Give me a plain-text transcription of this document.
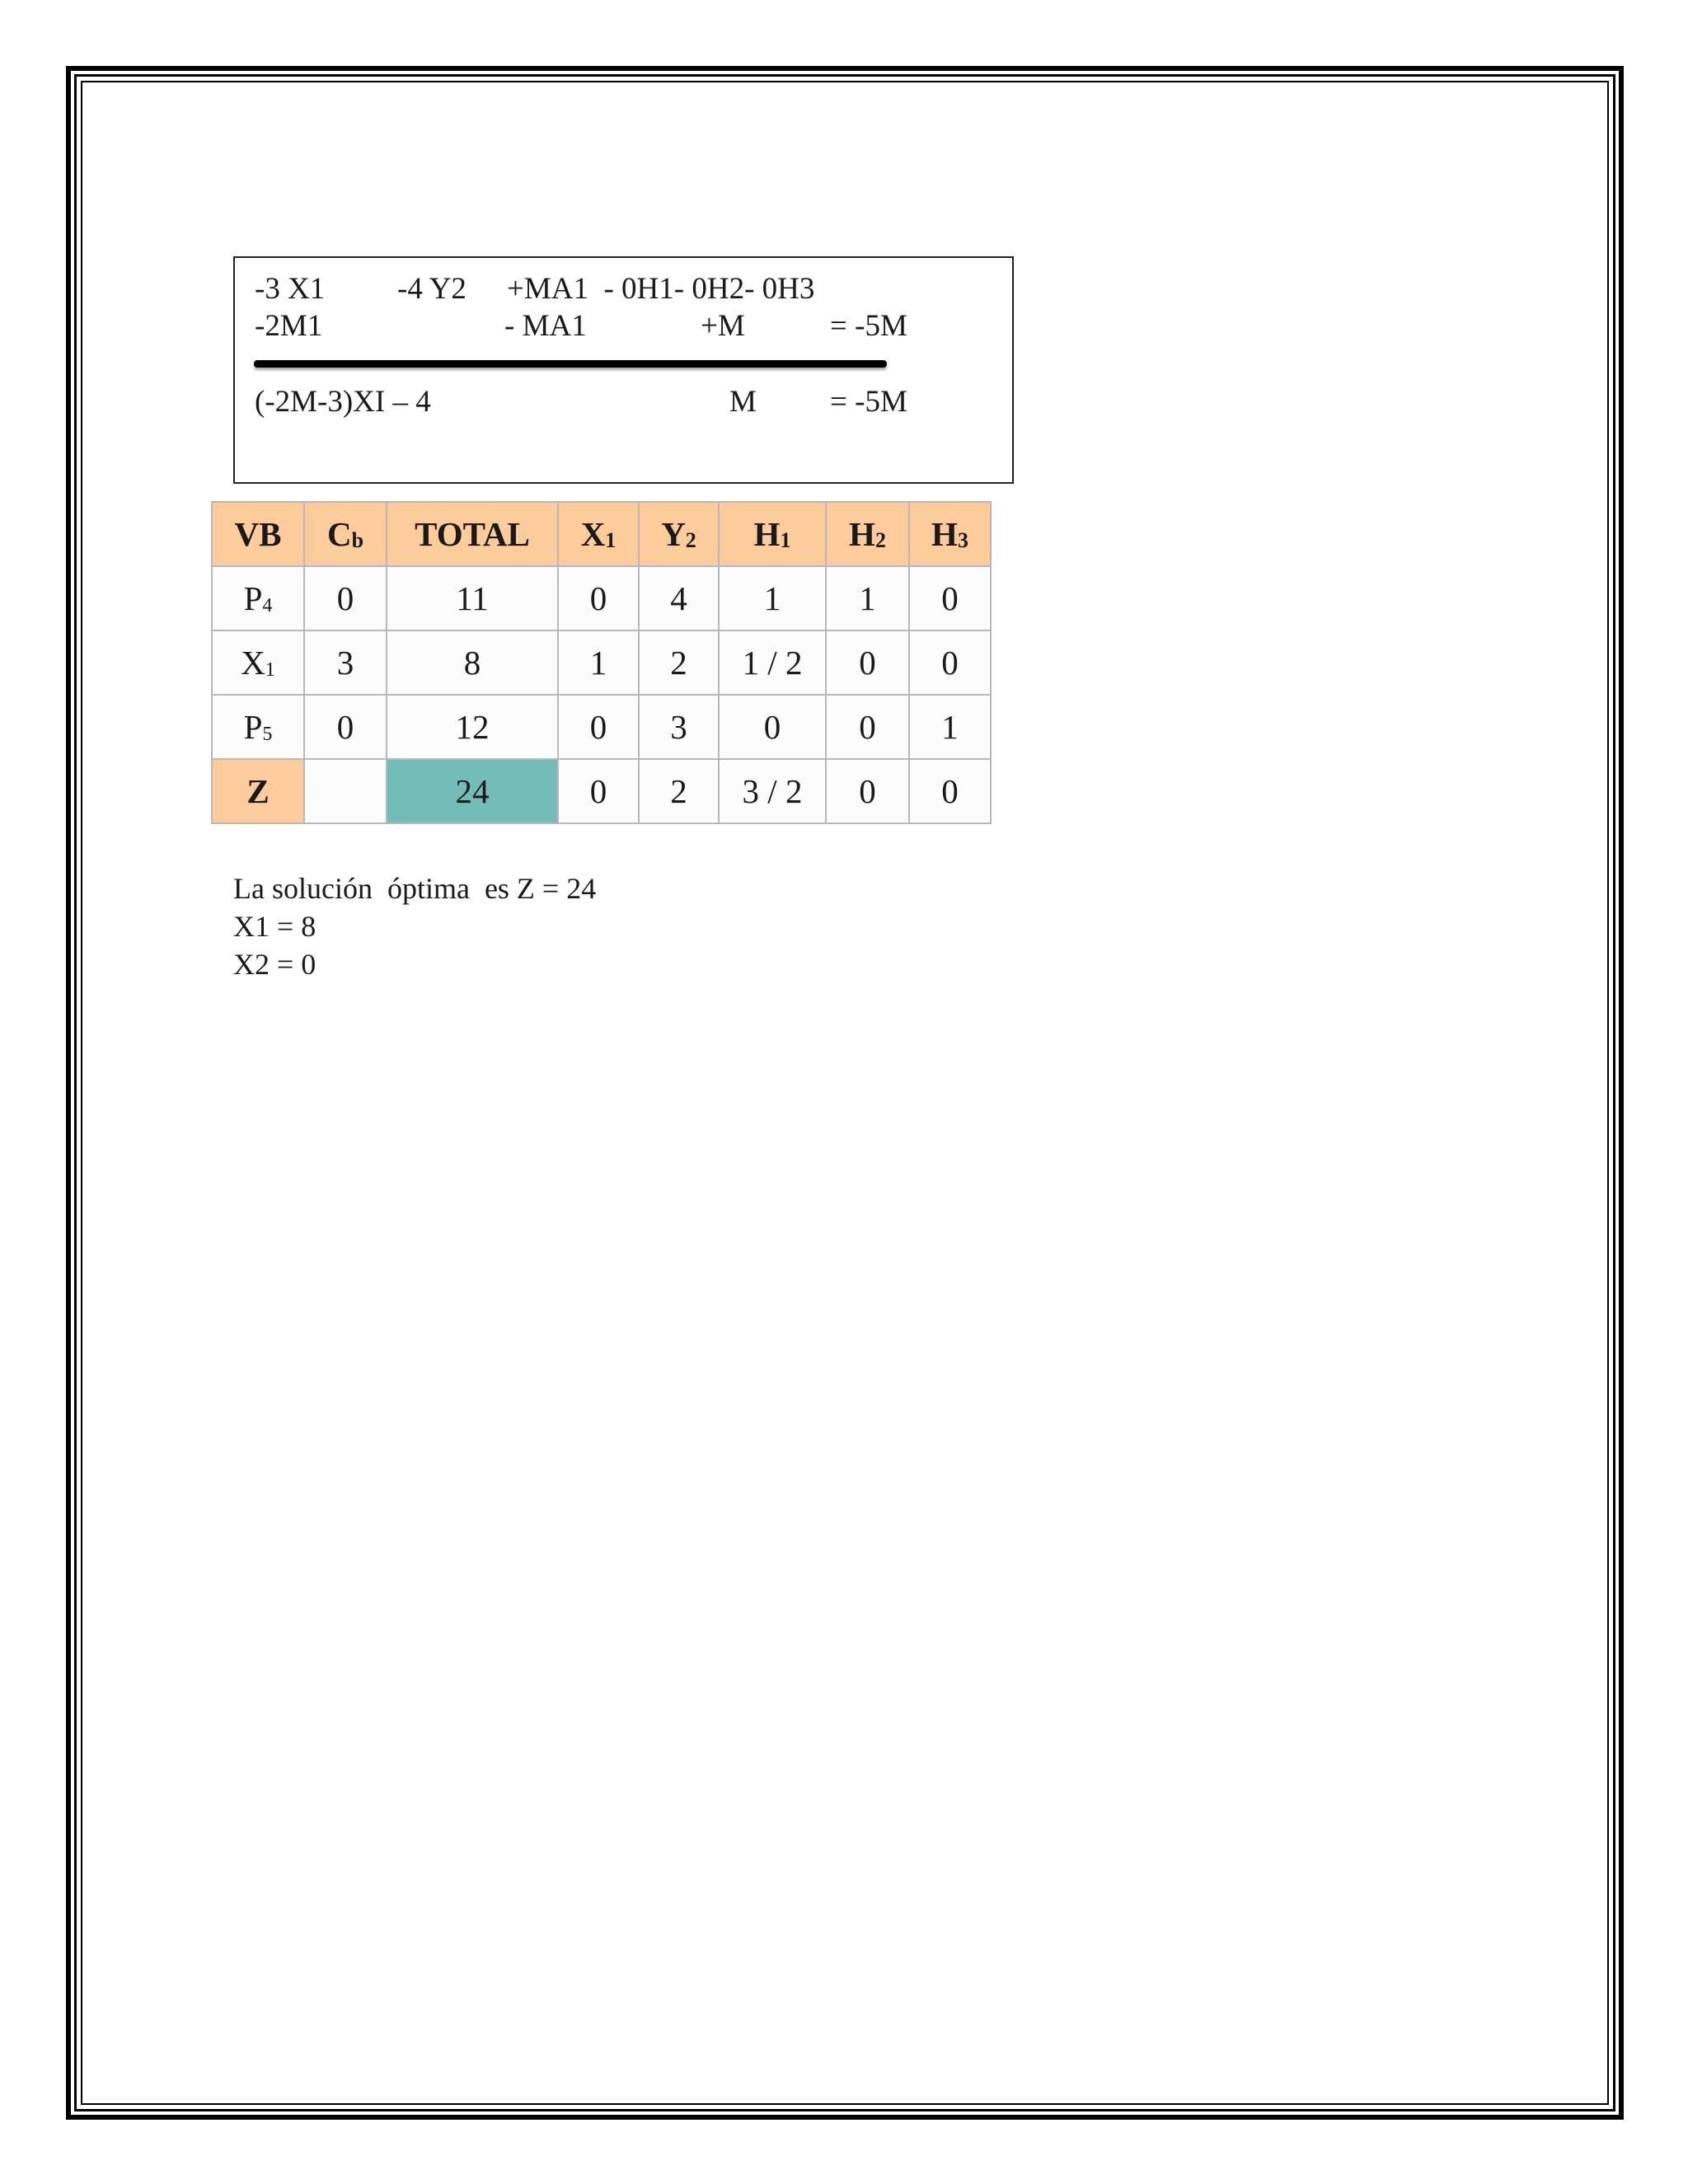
-3 X1 -4 Y2 +MA1  - 0H1- 0H2- 0H3
-2M1	- MA1	+M	= -5M
(-2M-3)XI – 4	M = -5M
VB	$C_b$	TOTAL	$X_1$	$Y_2$	$H_1$	$H_2$	$H_3$
$P_4$	0	11	0	4	1	1	0
$X_1$	3	8	1	2	1 / 2	0	0
$P_5$	0	12	0	3	0	0	1
Z		24	0	2	3 / 2	0	0
La solución  óptima  es Z = 24
X1 = 8
X2 = 0
